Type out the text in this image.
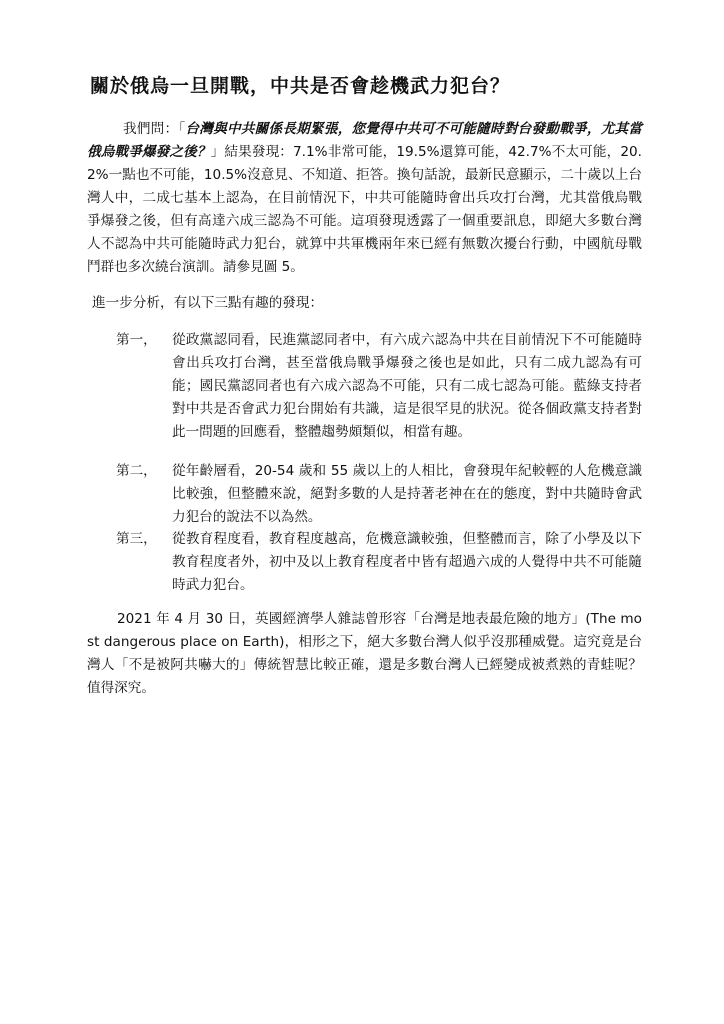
關於俄烏一旦開戰，中共是否會趁機武力犯台？

我們問：「台灣與中共關係長期緊張，您覺得中共可不可能隨時對台發動戰爭，尤其當俄烏戰爭爆發之後？」結果發現：7.1%非常可能，19.5%還算可能，42.7%不太可能，20.2%一點也不可能，10.5%沒意見、不知道、拒答。換句話說，最新民意顯示，二十歲以上台灣人中，二成七基本上認為，在目前情況下，中共可能隨時會出兵攻打台灣，尤其當俄烏戰爭爆發之後，但有高達六成三認為不可能。這項發現透露了一個重要訊息，即絕大多數台灣人不認為中共可能隨時武力犯台，就算中共軍機兩年來已經有無數次擾台行動，中國航母戰鬥群也多次繞台演訓。請參見圖 5。

進一步分析，有以下三點有趣的發現：

第一， 從政黨認同看，民進黨認同者中，有六成六認為中共在目前情況下不可能隨時會出兵攻打台灣，甚至當俄烏戰爭爆發之後也是如此，只有二成九認為有可能；國民黨認同者也有六成六認為不可能，只有二成七認為可能。藍綠支持者對中共是否會武力犯台開始有共識，這是很罕見的狀況。從各個政黨支持者對此一問題的回應看，整體趨勢頗類似，相當有趣。
第二， 從年齡層看，20-54 歲和 55 歲以上的人相比，會發現年紀較輕的人危機意識比較強，但整體來說，絕對多數的人是持著老神在在的態度，對中共隨時會武力犯台的說法不以為然。
第三， 從教育程度看，教育程度越高，危機意識較強，但整體而言，除了小學及以下教育程度者外，初中及以上教育程度者中皆有超過六成的人覺得中共不可能隨時武力犯台。

2021 年 4 月 30 日，英國經濟學人雜誌曾形容「台灣是地表最危險的地方」(The most dangerous place on Earth)，相形之下，絕大多數台灣人似乎沒那種威覺。這究竟是台灣人「不是被阿共嚇大的」傳統智慧比較正確，還是多數台灣人已經變成被煮熟的青蛙呢？值得深究。
